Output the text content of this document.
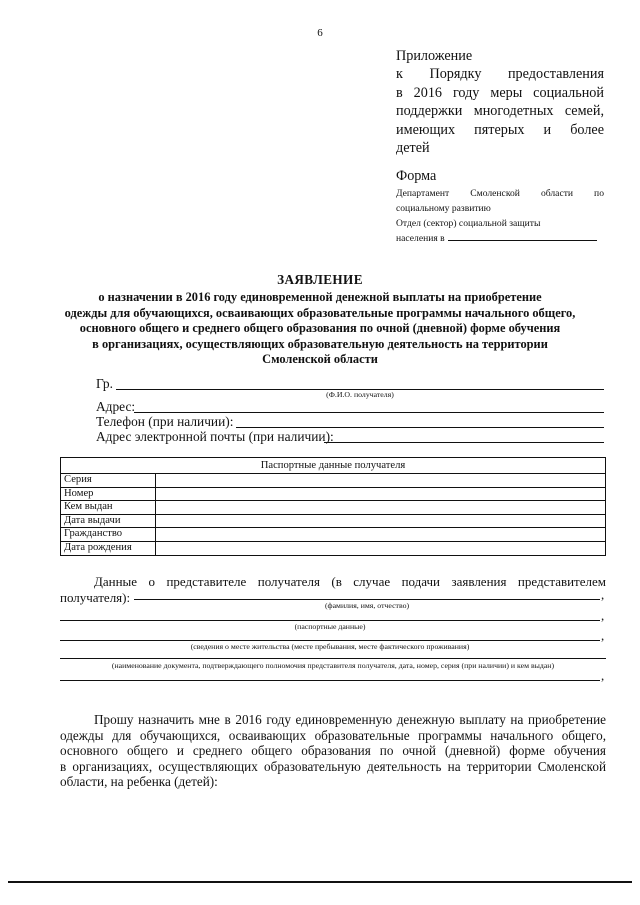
6
Приложение
к Порядку предоставления
в 2016 году меры социальной
поддержки многодетных семей,
имеющих пятерых и более
детей
Форма
Департамент Смоленской области по
социальному развитию
Отдел (сектор) социальной защиты
населения в
ЗАЯВЛЕНИЕ
о назначении в 2016 году единовременной денежной выплаты на приобретение
одежды для обучающихся, осваивающих образовательные программы начального общего,
основного общего и среднего общего образования по очной (дневной) форме обучения
в организациях, осуществляющих образовательную деятельность на территории
Смоленской области
Гр.
(Ф.И.О. получателя)
Адрес:
Телефон (при наличии):
Адрес электронной почты (при наличии):
Паспортные данные получателя	
Серия	
Номер	
Кем выдан	
Дата выдачи	
Гражданство	
Дата рождения	
Данные о представителе получателя (в случае подачи заявления представителем
получателя):	,
(фамилия, имя, отчество)
,
(паспортные данные)
,
(сведения о месте жительства (месте пребывания, месте фактического проживания)
(наименование документа, подтверждающего полномочия представителя получателя, дата, номер, серия (при наличии) и кем выдан)
,
Прошу назначить мне в 2016 году единовременную денежную выплату на приобретение
одежды для обучающихся, осваивающих образовательные программы начального общего,
основного общего и среднего общего образования по очной (дневной) форме обучения
в организациях, осуществляющих образовательную деятельность на территории Смоленской
области, на ребенка (детей):
